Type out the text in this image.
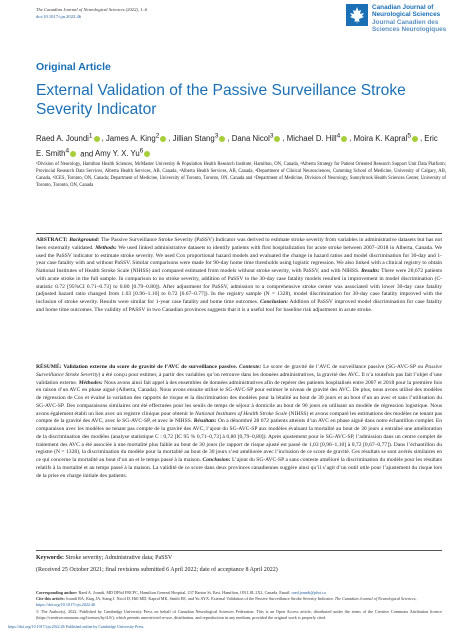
The Canadian Journal of Neurological Sciences (2022), 1–6
doi:10.1017/cjn.2022.46
Canadian Journal of Neurological Sciences
Journal Canadien des Sciences Neurologiques
Original Article
External Validation of the Passive Surveillance Stroke Severity Indicator
Raed A. Joundi$^1$ , James A. King$^2$ , Jillian Stang$^3$ , Dana Nicol$^3$ , Michael D. Hill$^4$ , Moira K. Kapral$^5$ , Eric E. Smith$^4$ and Amy Y. X. Yu$^6$
¹Division of Neurology, Hamilton Health Sciences, McMaster University & Population Health Research Institute, Hamilton, ON, Canada, ²Alberta Strategy for Patient Oriented Research Support Unit Data Platform; Provincial Research Data Services, Alberta Health Services, AB, Canada, ³Alberta Health Services, AB, Canada, ⁴Department of Clinical Neurosciences, Cumming School of Medicine, University of Calgary, AB, Canada, ⁵ICES, Toronto, ON, Canada; Department of Medicine, University of Toronto, Toronto, ON, Canada and ⁶Department of Medicine, Division of Neurology, Sunnybrook Health Sciences Center, University of Toronto, Toronto, ON, Canada
ABSTRACT: Background: The Passive Surveillance Stroke Severity (PaSSV) Indicator was derived to estimate stroke severity from variables in administrative datasets but has not been externally validated. Methods: We used linked administrative datasets to identify patients with first hospitalization for acute stroke between 2007–2018 in Alberta, Canada. We used the PaSSV indicator to estimate stroke severity. We used Cox proportional hazard models and evaluated the change in hazard ratios and model discrimination for 30-day and 1-year case fatality with and without PaSSV. Similar comparisons were made for 90-day home time thresholds using logistic regression. We also linked with a clinical registry to obtain National Institutes of Health Stroke Scale (NIHSS) and compared estimated from models without stroke severity, with PaSSV, and with NIHSS. Results: There were 28,672 patients with acute stroke in the full sample. In comparison to no stroke severity, addition of PaSSV to the 30-day case fatality models resulted in improvement in model discrimination (C-statistic 0.72 [95%CI 0.71–0.73] to 0.80 [0.79–0.80]). After adjustment for PaSSV, admission to a comprehensive stroke center was associated with lower 30-day case fatality (adjusted hazard ratio changed from 1.03 [0.96–1.10] to 0.72 [0.67–0.77]). In the registry sample (N = 1328), model discrimination for 30-day case fatality improved with the inclusion of stroke severity. Results were similar for 1-year case fatality and home time outcomes. Conclusion: Addition of PaSSV improved model discrimination for case fatality and home time outcomes. The validity of PASSV in two Canadian provinces suggests that it is a useful tool for baseline risk adjustment in acute stroke.
RÉSUMÉ: Validation externe du score de gravité de l’AVC de surveillance passive. Contexte: Le score de gravité de l’AVC de surveillance passive (SG-AVC-SP ou Passive Surveillance Stroke Severity) a été conçu pour estimer, à partir des variables qu’on retrouve dans les données administratives, la gravité des AVC. Il n’a toutefois pas fait l’objet d’une validation externe. Méthodes: Nous avons ainsi fait appel à des ensembles de données administratives afin de repérer des patients hospitalisés entre 2007 et 2018 pour la première fois en raison d’un AVC en phase aiguë (Alberta, Canada). Nous avons ensuite utilisé le SG-AVC-SP pour estimer le niveau de gravité des AVC. De plus, nous avons utilisé des modèles de régression de Cox et évalué la variation des rapports de risque et la discrimination des modèles pour la létalité au bout de 30 jours et au bout d’un an avec et sans l’utilisation du SG-AVC-SP. Des comparaisons similaires ont été effectuées pour les seuils de temps de séjour à domicile au bout de 90 jours en utilisant un modèle de régression logistique. Nous avons également établi un lien avec un registre clinique pour obtenir le National Institutes of Health Stroke Scale (NIHSS) et avons comparé les estimations des modèles ne tenant pas compte de la gravité des AVC, avec le SG-AVC-SP, et avec le NIHSS. Résultats: On a dénombré 28 672 patients atteints d’un AVC en phase aiguë dans notre échantillon complet. En comparaison avec les modèles ne tenant pas compte de la gravité des AVC, l’ajout du SG-AVC-SP aux modèles évaluant la mortalité au bout de 30 jours a entraîné une amélioration de la discrimination des modèles (analyse statistique C : 0,72 [IC 95 % 0,71–0,73] à 0,80 [0,79–0,80]). Après ajustement pour le SG-AVC-SP, l’admission dans un centre complet de traitement des AVC a été associée à une mortalité plus faible au bout de 30 jours (le rapport de risque ajusté est passé de 1,03 [0,96–1,10] à 0,72 [0,67–0,77]). Dans l’échantillon du registre (N = 1328), la discrimination du modèle pour la mortalité au bout de 30 jours s’est améliorée avec l’inclusion de ce score de gravité. Ces résultats se sont avérés similaires en ce qui concerne la mortalité au bout d’un an et le temps passé à la maison. Conclusion: L’ajout du SG-AVC-SP a sans conteste amélioré la discrimination du modèle pour les résultats relatifs à la mortalité et au temps passé à la maison. La validité de ce score dans deux provinces canadiennes suggère ainsi qu’il s’agit d’un outil utile pour l’ajustement du risque lors de la prise en charge initiale des patients.
Keywords: Stroke severity; Administrative data; PaSSV
(Received 25 October 2021; final revisions submitted 6 April 2022; date of acceptance 8 April 2022)
Corresponding author: Raed A. Joundi, MD DPhil FRCPC, Hamilton General Hospital, 237 Barton St. East, Hamilton, ON L8L 2X2, Canada. Email: raed.joundi@phri.ca
Cite this article: Joundi RA, King JA, Stang J, Nicol D, Hill MD, Kapral MK, Smith EE, and Yu AYX. External Validation of the Passive Surveillance Stroke Severity Indicator. The Canadian Journal of Neurological Sciences, https://doi.org/10.1017/cjn.2022.46
© The Author(s), 2022. Published by Cambridge University Press on behalf of Canadian Neurological Sciences Federation. This is an Open Access article, distributed under the terms of the Creative Commons Attribution licence (https://creativecommons.org/licenses/by/4.0/), which permits unrestricted re-use, distribution, and reproduction in any medium, provided the original work is properly cited.
https://doi.org/10.1017/cjn.2022.46 Published online by Cambridge University Press
